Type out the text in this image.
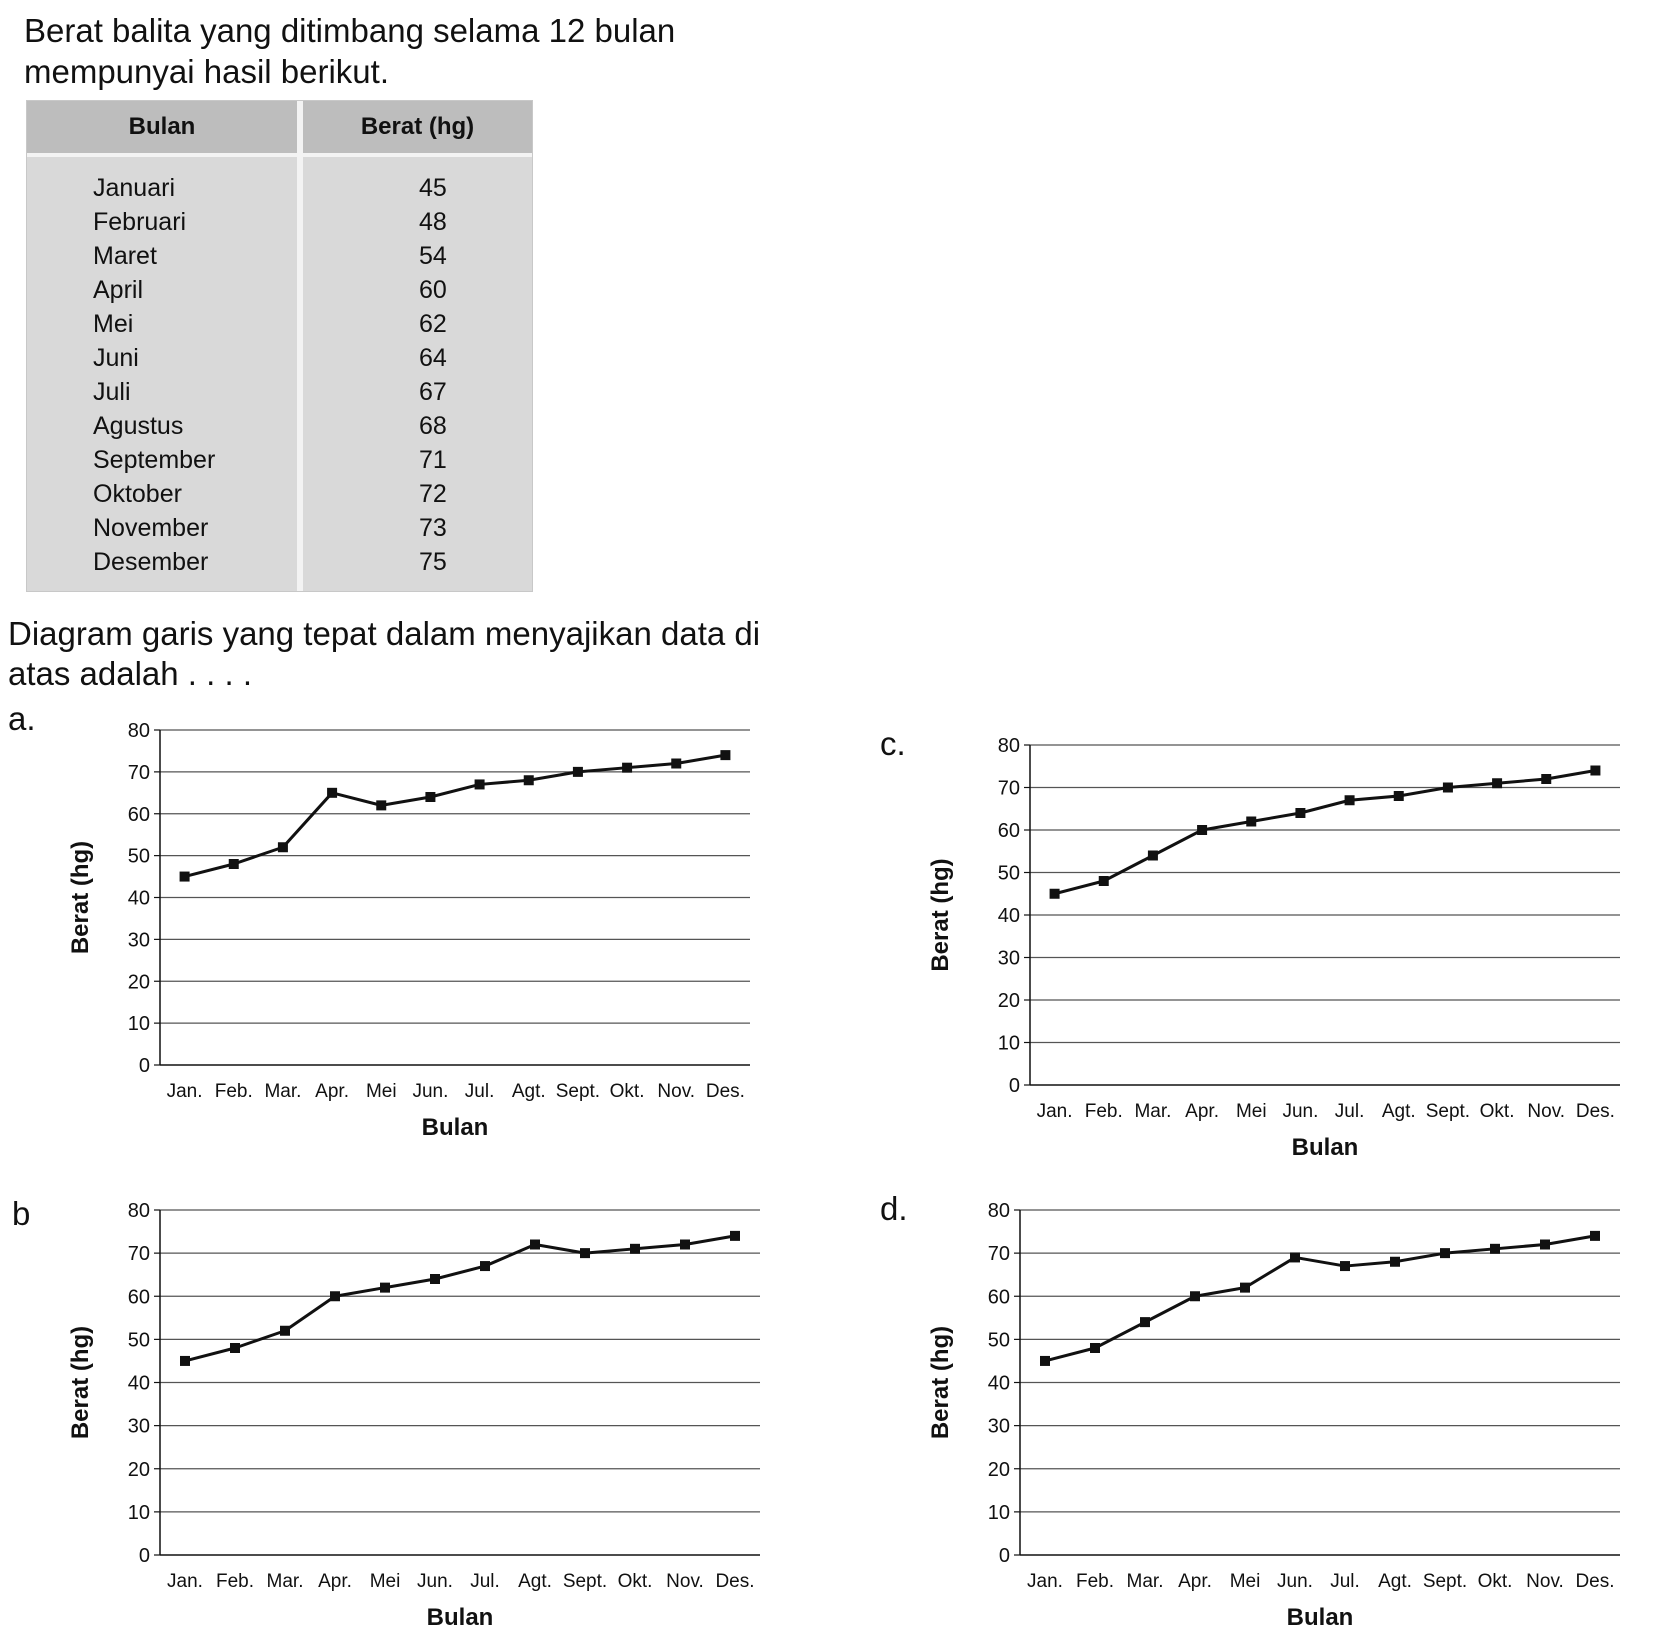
Berat balita yang ditimbang selama 12 bulan mempunyai hasil berikut.
Bulan
Januari
Februari
Maret
April
Mei
Juni
Juli
Agustus
September
Oktober
November
Desember
Berat (hg)
45
48
54
60
62
64
67
68
71
72
73
75
Diagram garis yang tepat dalam menyajikan data di atas adalah . . . .
a.
b
c.
d.
0
10
20
30
40
50
60
70
80
Jan. Feb. Mar. Apr. Mei Jun. Jul. Agt. Sept. Okt. Nov. Des.
Bulan
Berat (hg)
0
10
20
30
40
50
60
70
80
Jan. Feb. Mar. Apr. Mei Jun. Jul. Agt. Sept. Okt. Nov. Des.
Bulan
Berat (hg)
0
10
20
30
40
50
60
70
80
Jan. Feb. Mar. Apr. Mei Jun. Jul. Agt. Sept. Okt. Nov. Des.
Bulan
Berat (hg)
0
10
20
30
40
50
60
70
80
Jan. Feb. Mar. Apr. Mei Jun. Jul. Agt. Sept. Okt. Nov. Des.
Bulan
Berat (hg)
